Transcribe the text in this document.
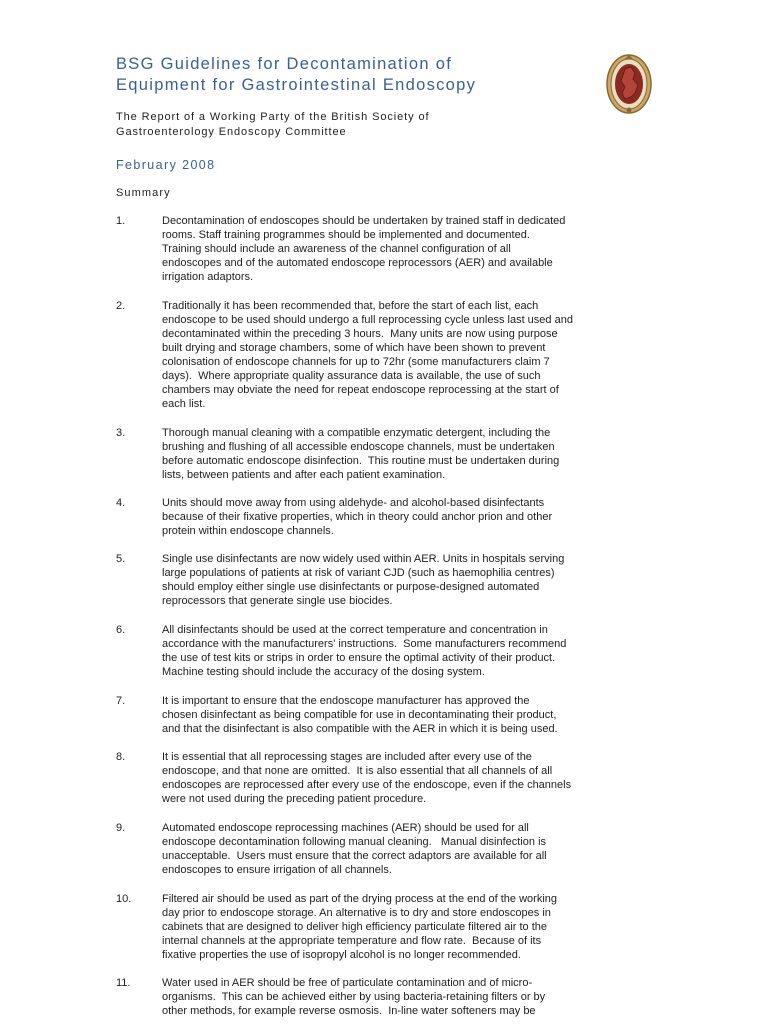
BSG Guidelines for Decontamination of
Equipment for Gastrointestinal Endoscopy
The Report of a Working Party of the British Society of
Gastroenterology Endoscopy Committee
February 2008
Summary
1.	Decontamination of endoscopes should be undertaken by trained staff in dedicated
rooms. Staff training programmes should be implemented and documented.
Training should include an awareness of the channel configuration of all
endoscopes and of the automated endoscope reprocessors (AER) and available
irrigation adaptors.
2.	Traditionally it has been recommended that, before the start of each list, each
endoscope to be used should undergo a full reprocessing cycle unless last used and
decontaminated within the preceding 3 hours.  Many units are now using purpose
built drying and storage chambers, some of which have been shown to prevent
colonisation of endoscope channels for up to 72hr (some manufacturers claim 7
days).  Where appropriate quality assurance data is available, the use of such
chambers may obviate the need for repeat endoscope reprocessing at the start of
each list.
3.	Thorough manual cleaning with a compatible enzymatic detergent, including the
brushing and flushing of all accessible endoscope channels, must be undertaken
before automatic endoscope disinfection.  This routine must be undertaken during
lists, between patients and after each patient examination.
4.	Units should move away from using aldehyde- and alcohol-based disinfectants
because of their fixative properties, which in theory could anchor prion and other
protein within endoscope channels.
5.	Single use disinfectants are now widely used within AER. Units in hospitals serving
large populations of patients at risk of variant CJD (such as haemophilia centres)
should employ either single use disinfectants or purpose-designed automated
reprocessors that generate single use biocides.
6.	All disinfectants should be used at the correct temperature and concentration in
accordance with the manufacturers' instructions.  Some manufacturers recommend
the use of test kits or strips in order to ensure the optimal activity of their product.
Machine testing should include the accuracy of the dosing system.
7.	It is important to ensure that the endoscope manufacturer has approved the
chosen disinfectant as being compatible for use in decontaminating their product,
and that the disinfectant is also compatible with the AER in which it is being used.
8.	It is essential that all reprocessing stages are included after every use of the
endoscope, and that none are omitted.  It is also essential that all channels of all
endoscopes are reprocessed after every use of the endoscope, even if the channels
were not used during the preceding patient procedure.
9.	Automated endoscope reprocessing machines (AER) should be used for all
endoscope decontamination following manual cleaning.   Manual disinfection is
unacceptable.  Users must ensure that the correct adaptors are available for all
endoscopes to ensure irrigation of all channels.
10.	Filtered air should be used as part of the drying process at the end of the working
day prior to endoscope storage. An alternative is to dry and store endoscopes in
cabinets that are designed to deliver high efficiency particulate filtered air to the
internal channels at the appropriate temperature and flow rate.  Because of its
fixative properties the use of isopropyl alcohol is no longer recommended.
11.	Water used in AER should be free of particulate contamination and of micro-
organisms.  This can be achieved either by using bacteria-retaining filters or by
other methods, for example reverse osmosis.  In-line water softeners may be
